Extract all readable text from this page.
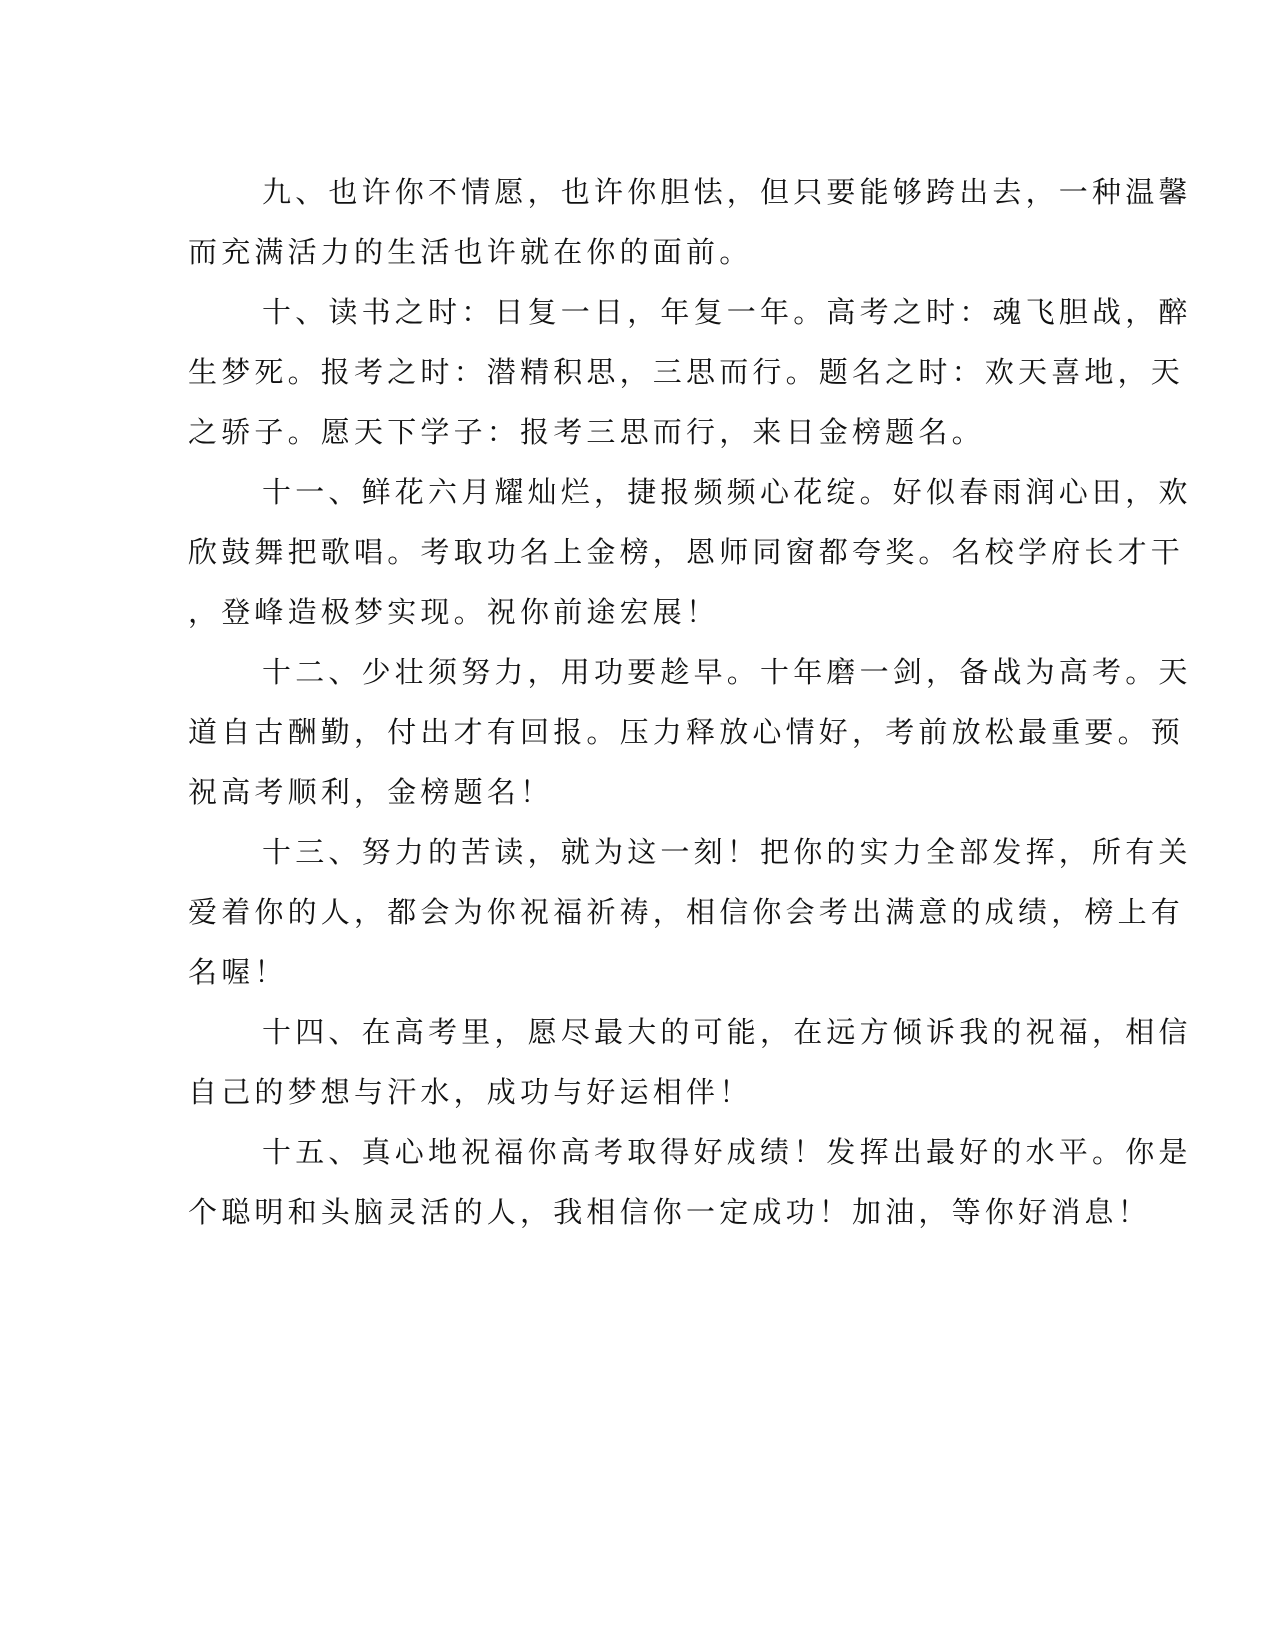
九、也许你不情愿，也许你胆怯，但只要能够跨出去，一种温馨
而充满活力的生活也许就在你的面前。
十、读书之时：日复一日，年复一年。高考之时：魂飞胆战，醉
生梦死。报考之时：潜精积思，三思而行。题名之时：欢天喜地，天
之骄子。愿天下学子：报考三思而行，来日金榜题名。
十一、鲜花六月耀灿烂，捷报频频心花绽。好似春雨润心田，欢
欣鼓舞把歌唱。考取功名上金榜，恩师同窗都夸奖。名校学府长才干
，登峰造极梦实现。祝你前途宏展！
十二、少壮须努力，用功要趁早。十年磨一剑，备战为高考。天
道自古酬勤，付出才有回报。压力释放心情好，考前放松最重要。预
祝高考顺利，金榜题名！
十三、努力的苦读，就为这一刻！把你的实力全部发挥，所有关
爱着你的人，都会为你祝福祈祷，相信你会考出满意的成绩，榜上有
名喔！
十四、在高考里，愿尽最大的可能，在远方倾诉我的祝福，相信
自己的梦想与汗水，成功与好运相伴！
十五、真心地祝福你高考取得好成绩！发挥出最好的水平。你是
个聪明和头脑灵活的人，我相信你一定成功！加油，等你好消息！
